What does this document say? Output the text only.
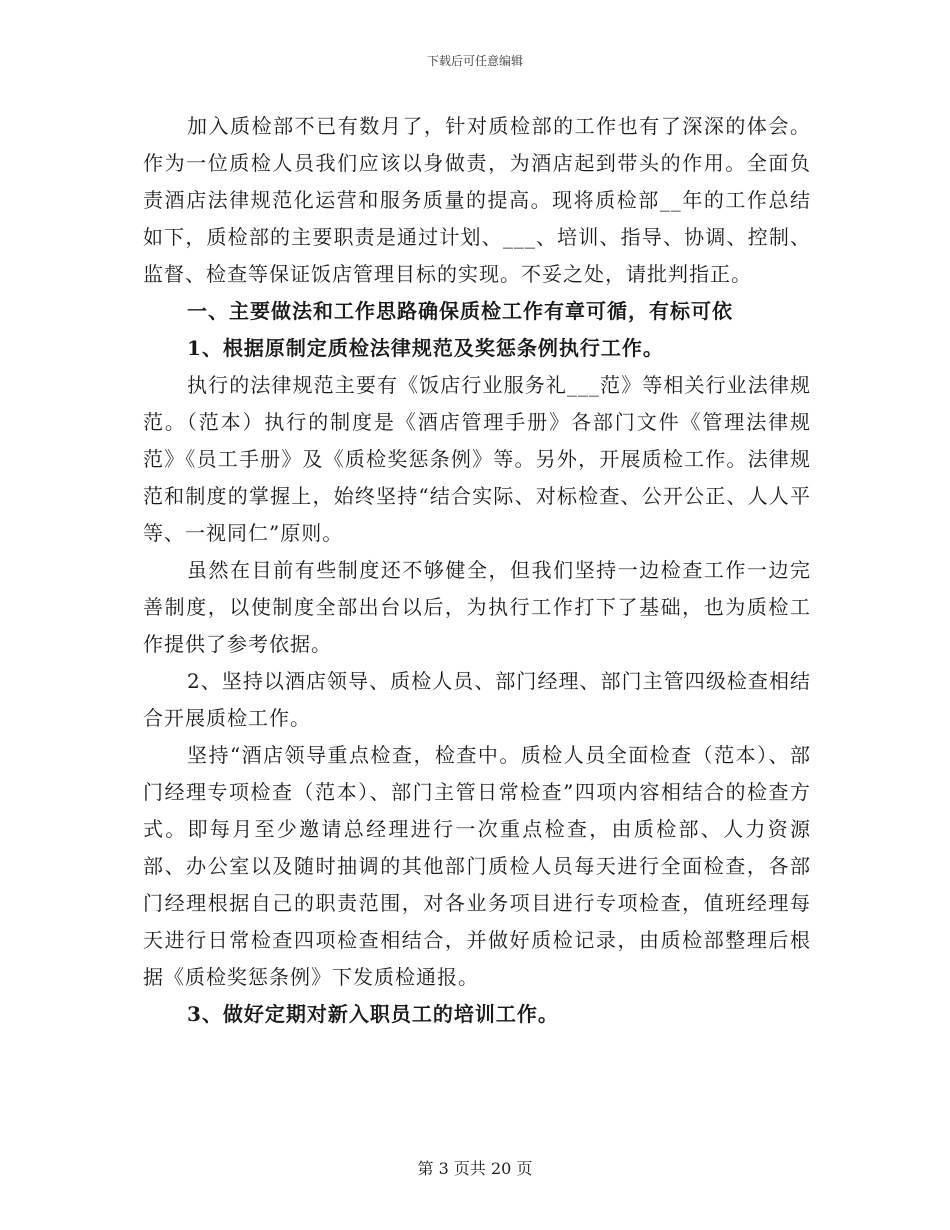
下载后可任意编辑

加入质检部不已有数月了，针对质检部的工作也有了深深的体会。作为一位质检人员我们应该以身做责，为酒店起到带头的作用。全面负责酒店法律规范化运营和服务质量的提高。现将质检部__年的工作总结如下，质检部的主要职责是通过计划、___、培训、指导、协调、控制、监督、检查等保证饭店管理目标的实现。不妥之处，请批判指正。

一、主要做法和工作思路确保质检工作有章可循，有标可依

1、根据原制定质检法律规范及奖惩条例执行工作。

执行的法律规范主要有《饭店行业服务礼___范》等相关行业法律规范。（范本）执行的制度是《酒店管理手册》各部门文件《管理法律规范》《员工手册》及《质检奖惩条例》等。另外，开展质检工作。法律规范和制度的掌握上，始终坚持“结合实际、对标检查、公开公正、人人平等、一视同仁”原则。

虽然在目前有些制度还不够健全，但我们坚持一边检查工作一边完善制度，以使制度全部出台以后，为执行工作打下了基础，也为质检工作提供了参考依据。

2、坚持以酒店领导、质检人员、部门经理、部门主管四级检查相结合开展质检工作。

坚持“酒店领导重点检查，检查中。质检人员全面检查（范本）、部门经理专项检查（范本）、部门主管日常检查”四项内容相结合的检查方式。即每月至少邀请总经理进行一次重点检查，由质检部、人力资源部、办公室以及随时抽调的其他部门质检人员每天进行全面检查，各部门经理根据自己的职责范围，对各业务项目进行专项检查，值班经理每天进行日常检查四项检查相结合，并做好质检记录，由质检部整理后根据《质检奖惩条例》下发质检通报。

3、做好定期对新入职员工的培训工作。

第 3 页共 20 页
